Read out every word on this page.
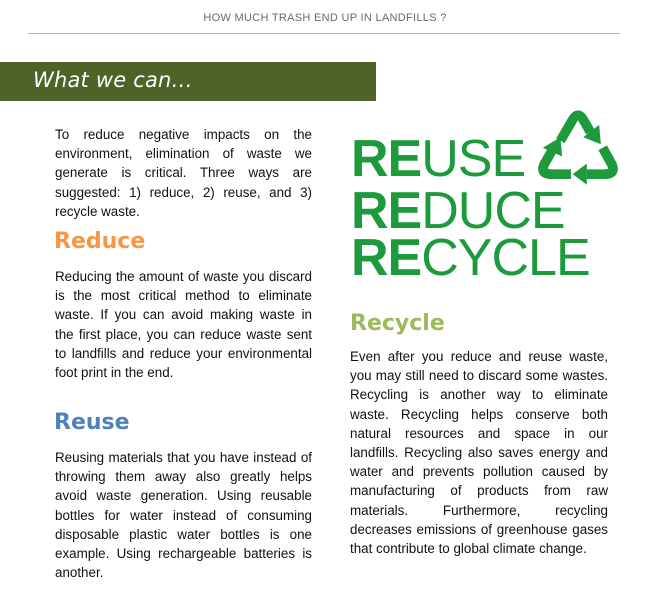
HOW MUCH TRASH END UP IN LANDFILLS ?
What we can…

To reduce negative impacts on the environment, elimination of waste we generate is critical. Three ways are suggested: 1) reduce, 2) reuse, and 3) recycle waste.

Reduce

Reducing the amount of waste you discard is the most critical method to eliminate waste. If you can avoid making waste in the first place, you can reduce waste sent to landfills and reduce your environmental foot print in the end.

Reuse

Reusing materials that you have instead of throwing them away also greatly helps avoid waste generation. Using reusable bottles for water instead of consuming disposable plastic water bottles is one example. Using rechargeable batteries is another.

REUSE
REDUCE
RECYCLE
Recycle

Even after you reduce and reuse waste, you may still need to discard some wastes. Recycling is another way to eliminate waste. Recycling helps conserve both natural resources and space in our landfills. Recycling also saves energy and water and prevents pollution caused by manufacturing of products from raw materials. Furthermore, recycling decreases emissions of greenhouse gases that contribute to global climate change.
